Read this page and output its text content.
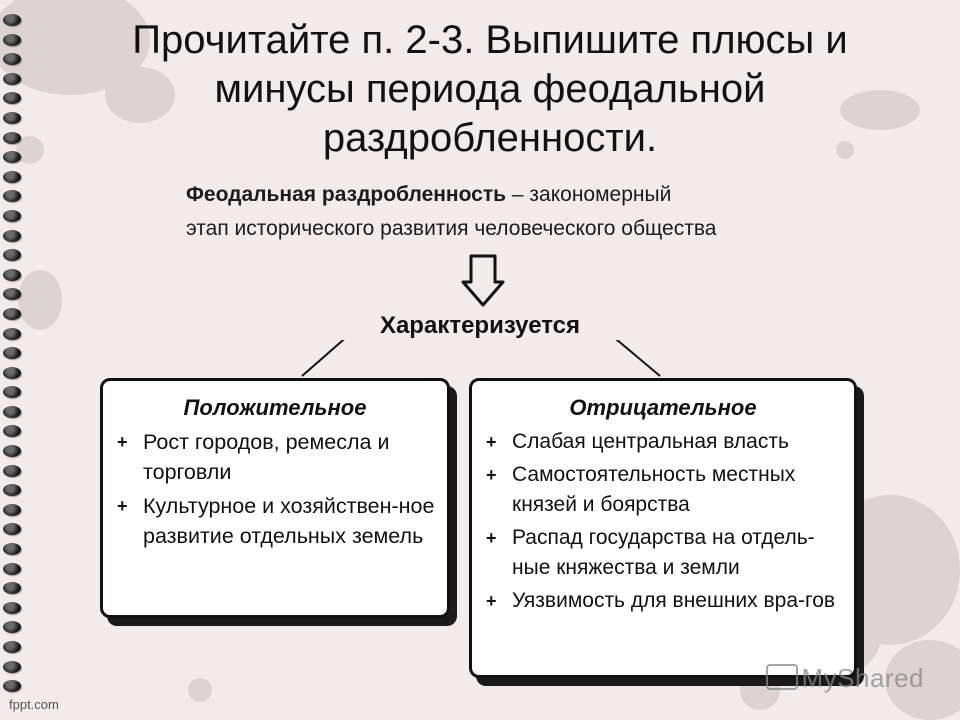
Прочитайте п. 2-3. Выпишите плюсы и
минусы периода феодальной
раздробленности.
Феодальная раздробленность – закономерный
этап исторического развития человеческого общества
Характеризуется
Положительное
+ Рост городов, ремесла и торговли
+ Культурное и хозяйствен-ное развитие отдельных земель
Отрицательное
+ Слабая центральная власть
+ Самостоятельность местных князей и боярства
+ Распад государства на отдель-ные княжества и земли
+ Уязвимость для внешних вра-гов
MyShared
fppt.com
